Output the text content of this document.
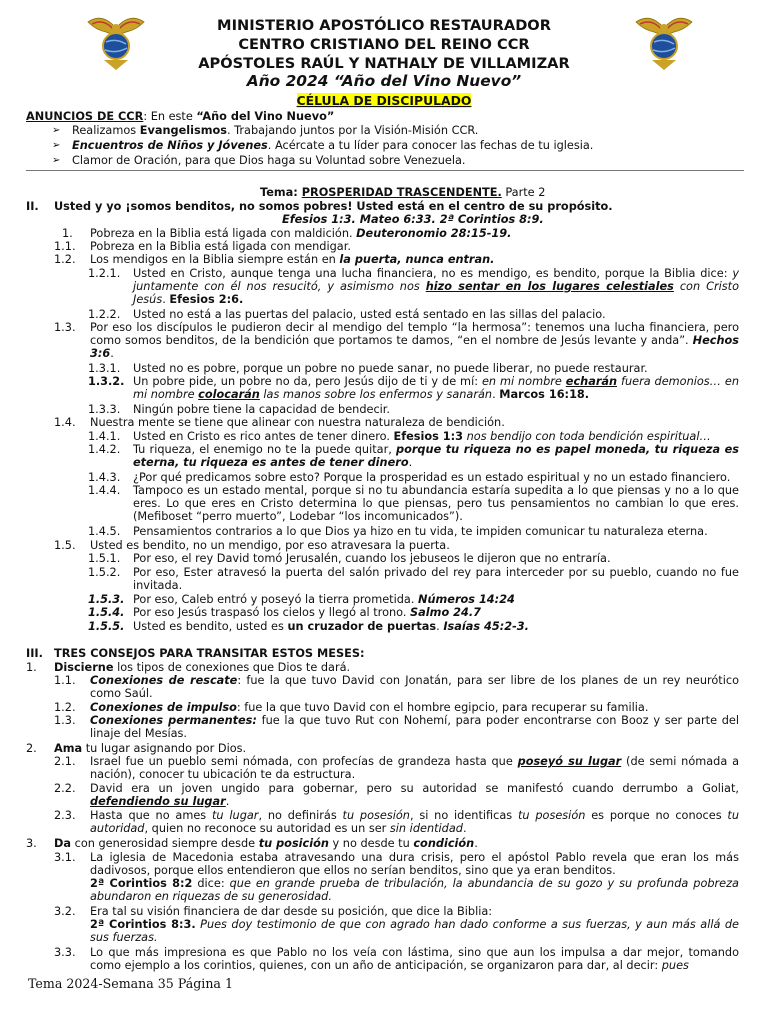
MINISTERIO APOSTÓLICO RESTAURADOR
CENTRO CRISTIANO DEL REINO CCR
APÓSTOLES RAÚL Y NATHALY DE VILLAMIZAR
Año 2024 “Año del Vino Nuevo”
CÉLULA DE DISCIPULADO
ANUNCIOS DE CCR: En este “Año del Vino Nuevo”
➢ Realizamos Evangelismos. Trabajando juntos por la Visión-Misión CCR.
➢ Encuentros de Niños y Jóvenes. Acércate a tu líder para conocer las fechas de tu iglesia.
➢ Clamor de Oración, para que Dios haga su Voluntad sobre Venezuela.
Tema: PROSPERIDAD TRASCENDENTE. Parte 2
II. Usted y yo ¡somos benditos, no somos pobres! Usted está en el centro de su propósito.
Efesios 1:3. Mateo 6:33. 2ª Corintios 8:9.
1. Pobreza en la Biblia está ligada con maldición. Deuteronomio 28:15-19.
1.1. Pobreza en la Biblia está ligada con mendigar.
1.2. Los mendigos en la Biblia siempre están en la puerta, nunca entran.
1.2.1. Usted en Cristo, aunque tenga una lucha financiera, no es mendigo, es bendito, porque la Biblia dice: y juntamente con él nos resucitó, y asimismo nos hizo sentar en los lugares celestiales con Cristo Jesús. Efesios 2:6.
1.2.2. Usted no está a las puertas del palacio, usted está sentado en las sillas del palacio.
1.3. Por eso los discípulos le pudieron decir al mendigo del templo “la hermosa”: tenemos una lucha financiera, pero como somos benditos, de la bendición que portamos te damos, “en el nombre de Jesús levante y anda”. Hechos 3:6.
1.3.1. Usted no es pobre, porque un pobre no puede sanar, no puede liberar, no puede restaurar.
1.3.2. Un pobre pide, un pobre no da, pero Jesús dijo de ti y de mí: en mi nombre echarán fuera demonios… en mi nombre colocarán las manos sobre los enfermos y sanarán. Marcos 16:18.
1.3.3. Ningún pobre tiene la capacidad de bendecir.
1.4. Nuestra mente se tiene que alinear con nuestra naturaleza de bendición.
1.4.1. Usted en Cristo es rico antes de tener dinero. Efesios 1:3 nos bendijo con toda bendición espiritual…
1.4.2. Tu riqueza, el enemigo no te la puede quitar, porque tu riqueza no es papel moneda, tu riqueza es eterna, tu riqueza es antes de tener dinero.
1.4.3. ¿Por qué predicamos sobre esto? Porque la prosperidad es un estado espiritual y no un estado financiero.
1.4.4. Tampoco es un estado mental, porque si no tu abundancia estaría supedita a lo que piensas y no a lo que eres. Lo que eres en Cristo determina lo que piensas, pero tus pensamientos no cambian lo que eres. (Mefiboset “perro muerto”, Lodebar “los incomunicados”).
1.4.5. Pensamientos contrarios a lo que Dios ya hizo en tu vida, te impiden comunicar tu naturaleza eterna.
1.5. Usted es bendito, no un mendigo, por eso atravesara la puerta.
1.5.1. Por eso, el rey David tomó Jerusalén, cuando los jebuseos le dijeron que no entraría.
1.5.2. Por eso, Ester atravesó la puerta del salón privado del rey para interceder por su pueblo, cuando no fue invitada.
1.5.3. Por eso, Caleb entró y poseyó la tierra prometida. Números 14:24
1.5.4. Por eso Jesús traspasó los cielos y llegó al trono. Salmo 24.7
1.5.5. Usted es bendito, usted es un cruzador de puertas. Isaías 45:2-3.
III. TRES CONSEJOS PARA TRANSITAR ESTOS MESES:
1. Discierne los tipos de conexiones que Dios te dará.
1.1. Conexiones de rescate: fue la que tuvo David con Jonatán, para ser libre de los planes de un rey neurótico como Saúl.
1.2. Conexiones de impulso: fue la que tuvo David con el hombre egipcio, para recuperar su familia.
1.3. Conexiones permanentes: fue la que tuvo Rut con Nohemí, para poder encontrarse con Booz y ser parte del linaje del Mesías.
2. Ama tu lugar asignando por Dios.
2.1. Israel fue un pueblo semi nómada, con profecías de grandeza hasta que poseyó su lugar (de semi nómada a nación), conocer tu ubicación te da estructura.
2.2. David era un joven ungido para gobernar, pero su autoridad se manifestó cuando derrumbo a Goliat, defendiendo su lugar.
2.3. Hasta que no ames tu lugar, no definirás tu posesión, si no identificas tu posesión es porque no conoces tu autoridad, quien no reconoce su autoridad es un ser sin identidad.
3. Da con generosidad siempre desde tu posición y no desde tu condición.
3.1. La iglesia de Macedonia estaba atravesando una dura crisis, pero el apóstol Pablo revela que eran los más dadivosos, porque ellos entendieron que ellos no serían benditos, sino que ya eran benditos.
2ª Corintios 8:2 dice: que en grande prueba de tribulación, la abundancia de su gozo y su profunda pobreza abundaron en riquezas de su generosidad.
3.2. Era tal su visión financiera de dar desde su posición, que dice la Biblia:
2ª Corintios 8:3. Pues doy testimonio de que con agrado han dado conforme a sus fuerzas, y aun más allá de sus fuerzas.
3.3. Lo que más impresiona es que Pablo no los veía con lástima, sino que aun los impulsa a dar mejor, tomando como ejemplo a los corintios, quienes, con un año de anticipación, se organizaron para dar, al decir: pues
Tema 2024-Semana 35 Página 1
